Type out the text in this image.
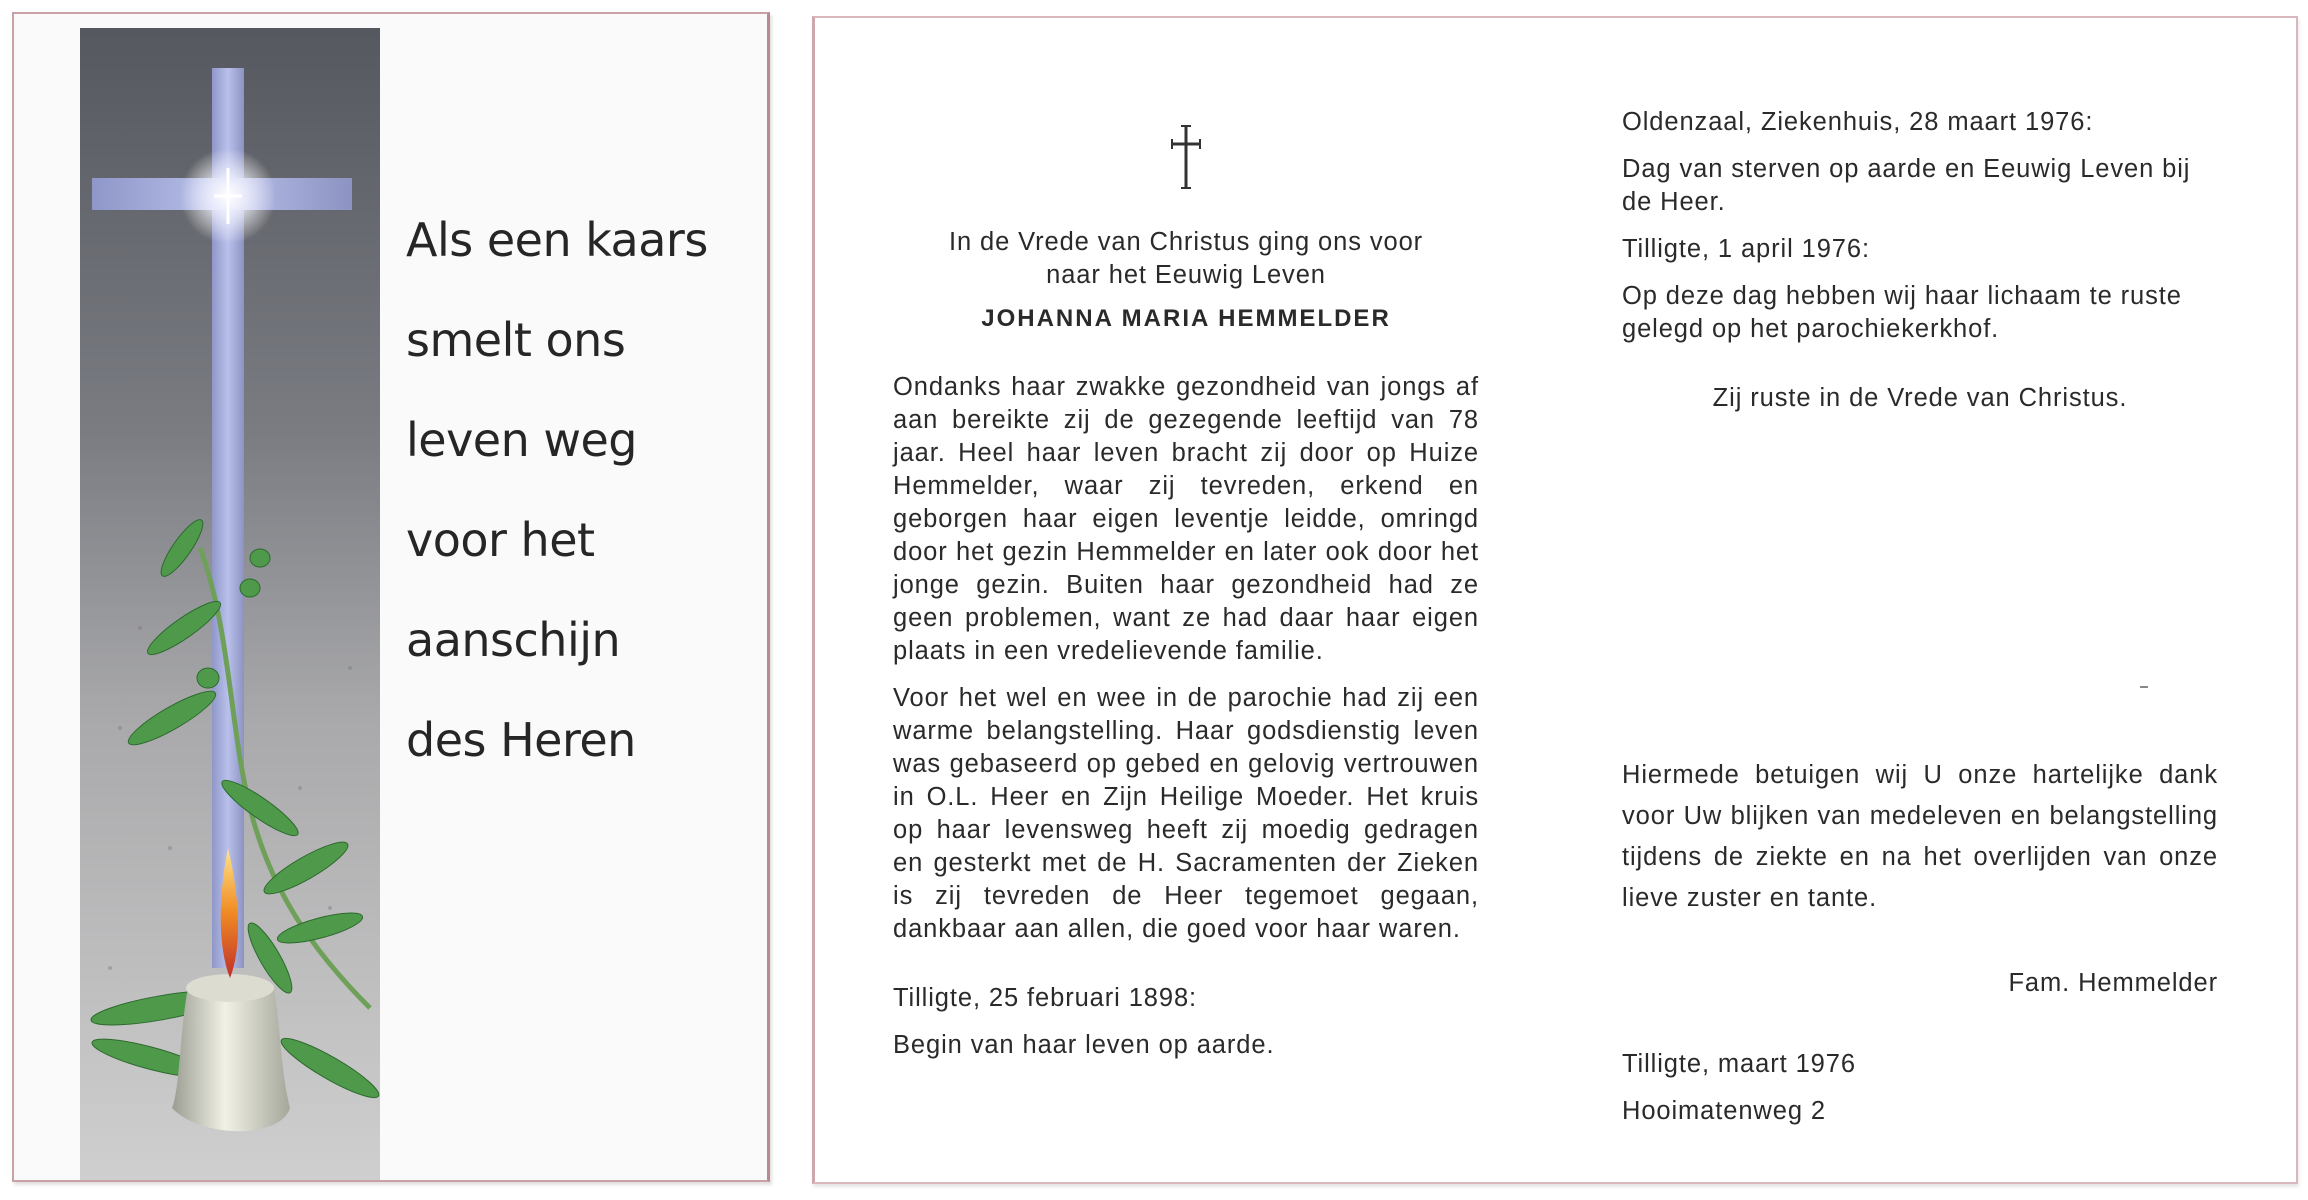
Als een kaars
smelt ons
leven weg
voor het
aanschijn
des Heren
In de Vrede van Christus ging ons voor
naar het Eeuwig Leven
JOHANNA MARIA HEMMELDER
Ondanks haar zwakke gezondheid van jongs af aan bereikte zij de gezegende leeftijd van 78 jaar. Heel haar leven bracht zij door op Huize Hemmelder, waar zij tevreden, erkend en geborgen haar eigen leventje leidde, omringd door het gezin Hemmelder en later ook door het jonge gezin. Buiten haar gezondheid had ze geen problemen, want ze had daar haar eigen plaats in een vredelievende familie.
Voor het wel en wee in de parochie had zij een warme belangstelling. Haar godsdienstig leven was gebaseerd op gebed en gelovig vertrouwen in O.L. Heer en Zijn Heilige Moeder. Het kruis op haar levensweg heeft zij moedig gedragen en gesterkt met de H. Sacramenten der Zieken is zij tevreden de Heer tegemoet gegaan, dankbaar aan allen, die goed voor haar waren.
Tilligte, 25 februari 1898:
Begin van haar leven op aarde.
Oldenzaal, Ziekenhuis, 28 maart 1976:
Dag van sterven op aarde en Eeuwig Leven bij de Heer.
Tilligte, 1 april 1976:
Op deze dag hebben wij haar lichaam te ruste gelegd op het parochiekerkhof.
Zij ruste in de Vrede van Christus.
Hiermede betuigen wij U onze hartelijke dank voor Uw blijken van medeleven en belangstelling tijdens de ziekte en na het overlijden van onze lieve zuster en tante.
Fam. Hemmelder
Tilligte, maart 1976
Hooimatenweg 2
